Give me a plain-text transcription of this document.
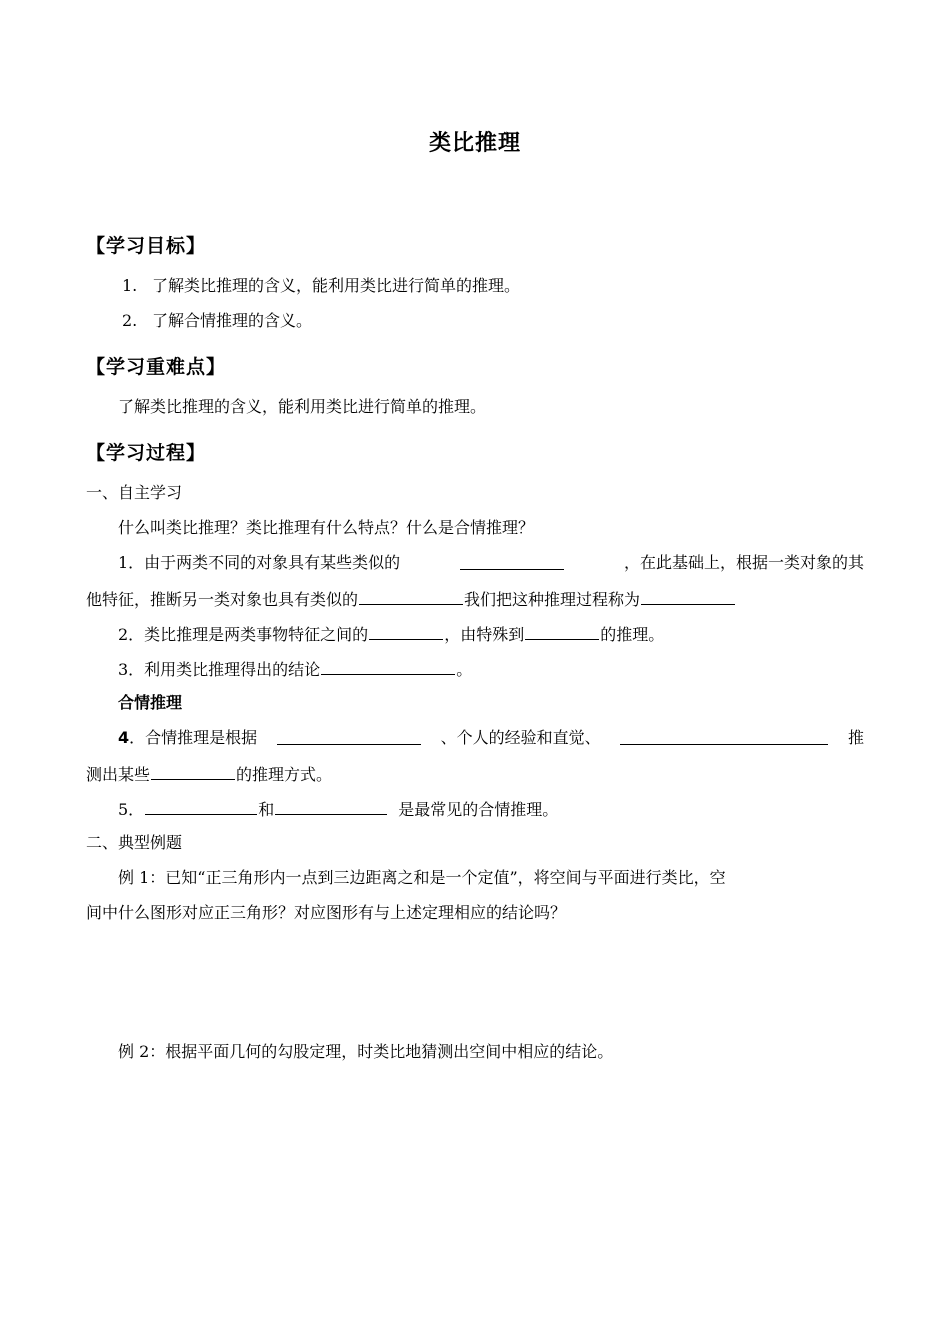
类比推理
【学习目标】
1. 了解类比推理的含义，能利用类比进行简单的推理。
2. 了解合情推理的含义。
【学习重难点】
了解类比推理的含义，能利用类比进行简单的推理。
【学习过程】
一、自主学习
什么叫类比推理？类比推理有什么特点？什么是合情推理？
1．由于两类不同的对象具有某些类似的	，在此基础上，根据一类对象的其
他特征，推断另一类对象也具有类似的	我们把这种推理过程称为
2．类比推理是两类事物特征之间的	，由特殊到	的推理。
3．利用类比推理得出的结论	。
合情推理
4．合情推理是根据	、个人的经验和直觉、	推
测出某些	的推理方式。
5．	和	是最常见的合情推理。
二、典型例题
例 1：已知“正三角形内一点到三边距离之和是一个定值”，将空间与平面进行类比，空
间中什么图形对应正三角形？对应图形有与上述定理相应的结论吗？
例 2：根据平面几何的勾股定理，时类比地猜测出空间中相应的结论。
